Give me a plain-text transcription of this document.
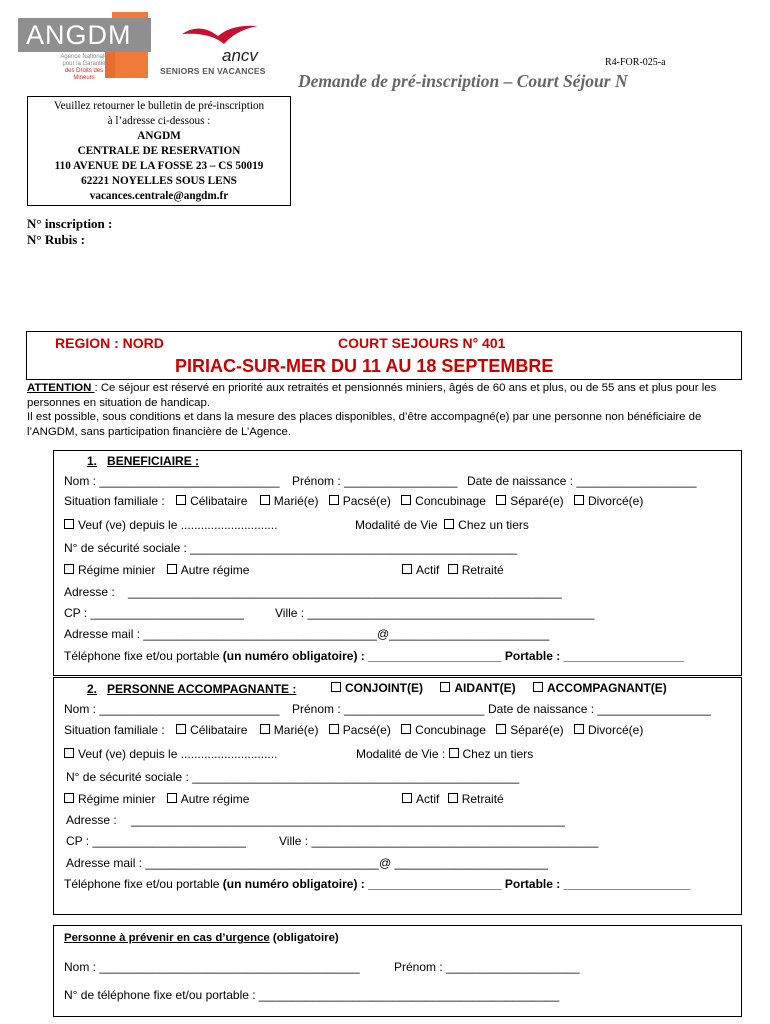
ANGDM
Agence Nationale
pour la Garantie
des Droits des Mineurs
ancv
SENIORS EN VACANCES
R4-FOR-025-a
Demande de pré-inscription – Court Séjour N
Veuillez retourner le bulletin de pré-inscription
à l’adresse ci-dessous :
ANGDM
CENTRALE DE RESERVATION
110 AVENUE DE LA FOSSE 23 – CS 50019
62221 NOYELLES SOUS LENS
vacances.centrale@angdm.fr
N° inscription :
N° Rubis :
REGION : NORD	COURT SEJOURS N° 401
PIRIAC-SUR-MER DU 11 AU 18 SEPTEMBRE
ATTENTION : Ce séjour est réservé en priorité aux retraités et pensionnés miniers, âgés de 60 ans et plus, ou de 55 ans et plus pour les personnes en situation de handicap.
Il est possible, sous conditions et dans la mesure des places disponibles, d’être accompagné(e) par une personne non bénéficiaire de l’ANGDM, sans participation financière de L’Agence.
1. BENEFICIAIRE :
Nom : ___________________________ Prénom : _________________ Date de naissance : __________________
Situation familiale : Célibataire Marié(e) Pacsé(e) Concubinage Séparé(e) Divorcé(e)
Veuf (ve) depuis le .............................	Modalité de Vie Chez un tiers
N° de sécurité sociale : _________________________________________________
Régime minier Autre régime	Actif Retraité
Adresse : _________________________________________________________________
CP : _______________________	Ville : ___________________________________________
Adresse mail : ___________________________________@________________________
Téléphone fixe et/ou portable (un numéro obligatoire) : ____________________ Portable : __________________
2. PERSONNE ACCOMPAGNANTE :	CONJOINT(E)	AIDANT(E)	ACCOMPAGNANT(E)
Nom : ___________________________ Prénom : _____________________ Date de naissance : _________________
Situation familiale : Célibataire Marié(e) Pacsé(e) Concubinage Séparé(e) Divorcé(e)
Veuf (ve) depuis le .............................	Modalité de Vie : Chez un tiers
N° de sécurité sociale : _________________________________________________
Régime minier Autre régime	Actif Retraité
Adresse : _________________________________________________________________
CP : _______________________	Ville : ___________________________________________
Adresse mail : ___________________________________@ _______________________
Téléphone fixe et/ou portable (un numéro obligatoire) : ____________________ Portable : ___________________
Personne à prévenir en cas d’urgence (obligatoire)
Nom : _______________________________________	Prénom : ____________________
N° de téléphone fixe et/ou portable : _____________________________________________
